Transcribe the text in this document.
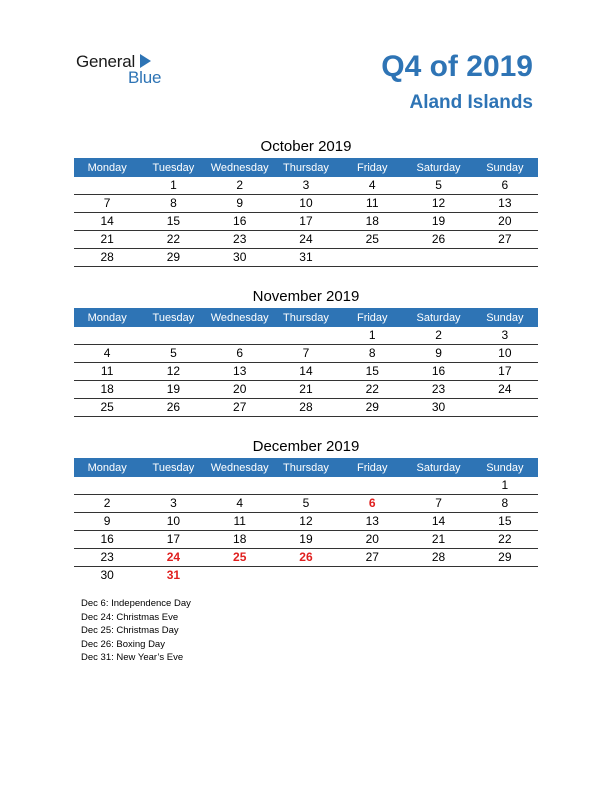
General
Blue	Q4 of 2019
Aland Islands
October 2019
Monday	Tuesday	Wednesday	Thursday	Friday	Saturday	Sunday
	1	2	3	4	5	6
7	8	9	10	11	12	13
14	15	16	17	18	19	20
21	22	23	24	25	26	27
28	29	30	31			
November 2019
Monday	Tuesday	Wednesday	Thursday	Friday	Saturday	Sunday
				1	2	3
4	5	6	7	8	9	10
11	12	13	14	15	16	17
18	19	20	21	22	23	24
25	26	27	28	29	30	
December 2019
Monday	Tuesday	Wednesday	Thursday	Friday	Saturday	Sunday
						1
2	3	4	5	6	7	8
9	10	11	12	13	14	15
16	17	18	19	20	21	22
23	24	25	26	27	28	29
30	31					
Dec 6: Independence Day
Dec 24: Christmas Eve
Dec 25: Christmas Day
Dec 26: Boxing Day
Dec 31: New Year’s Eve
